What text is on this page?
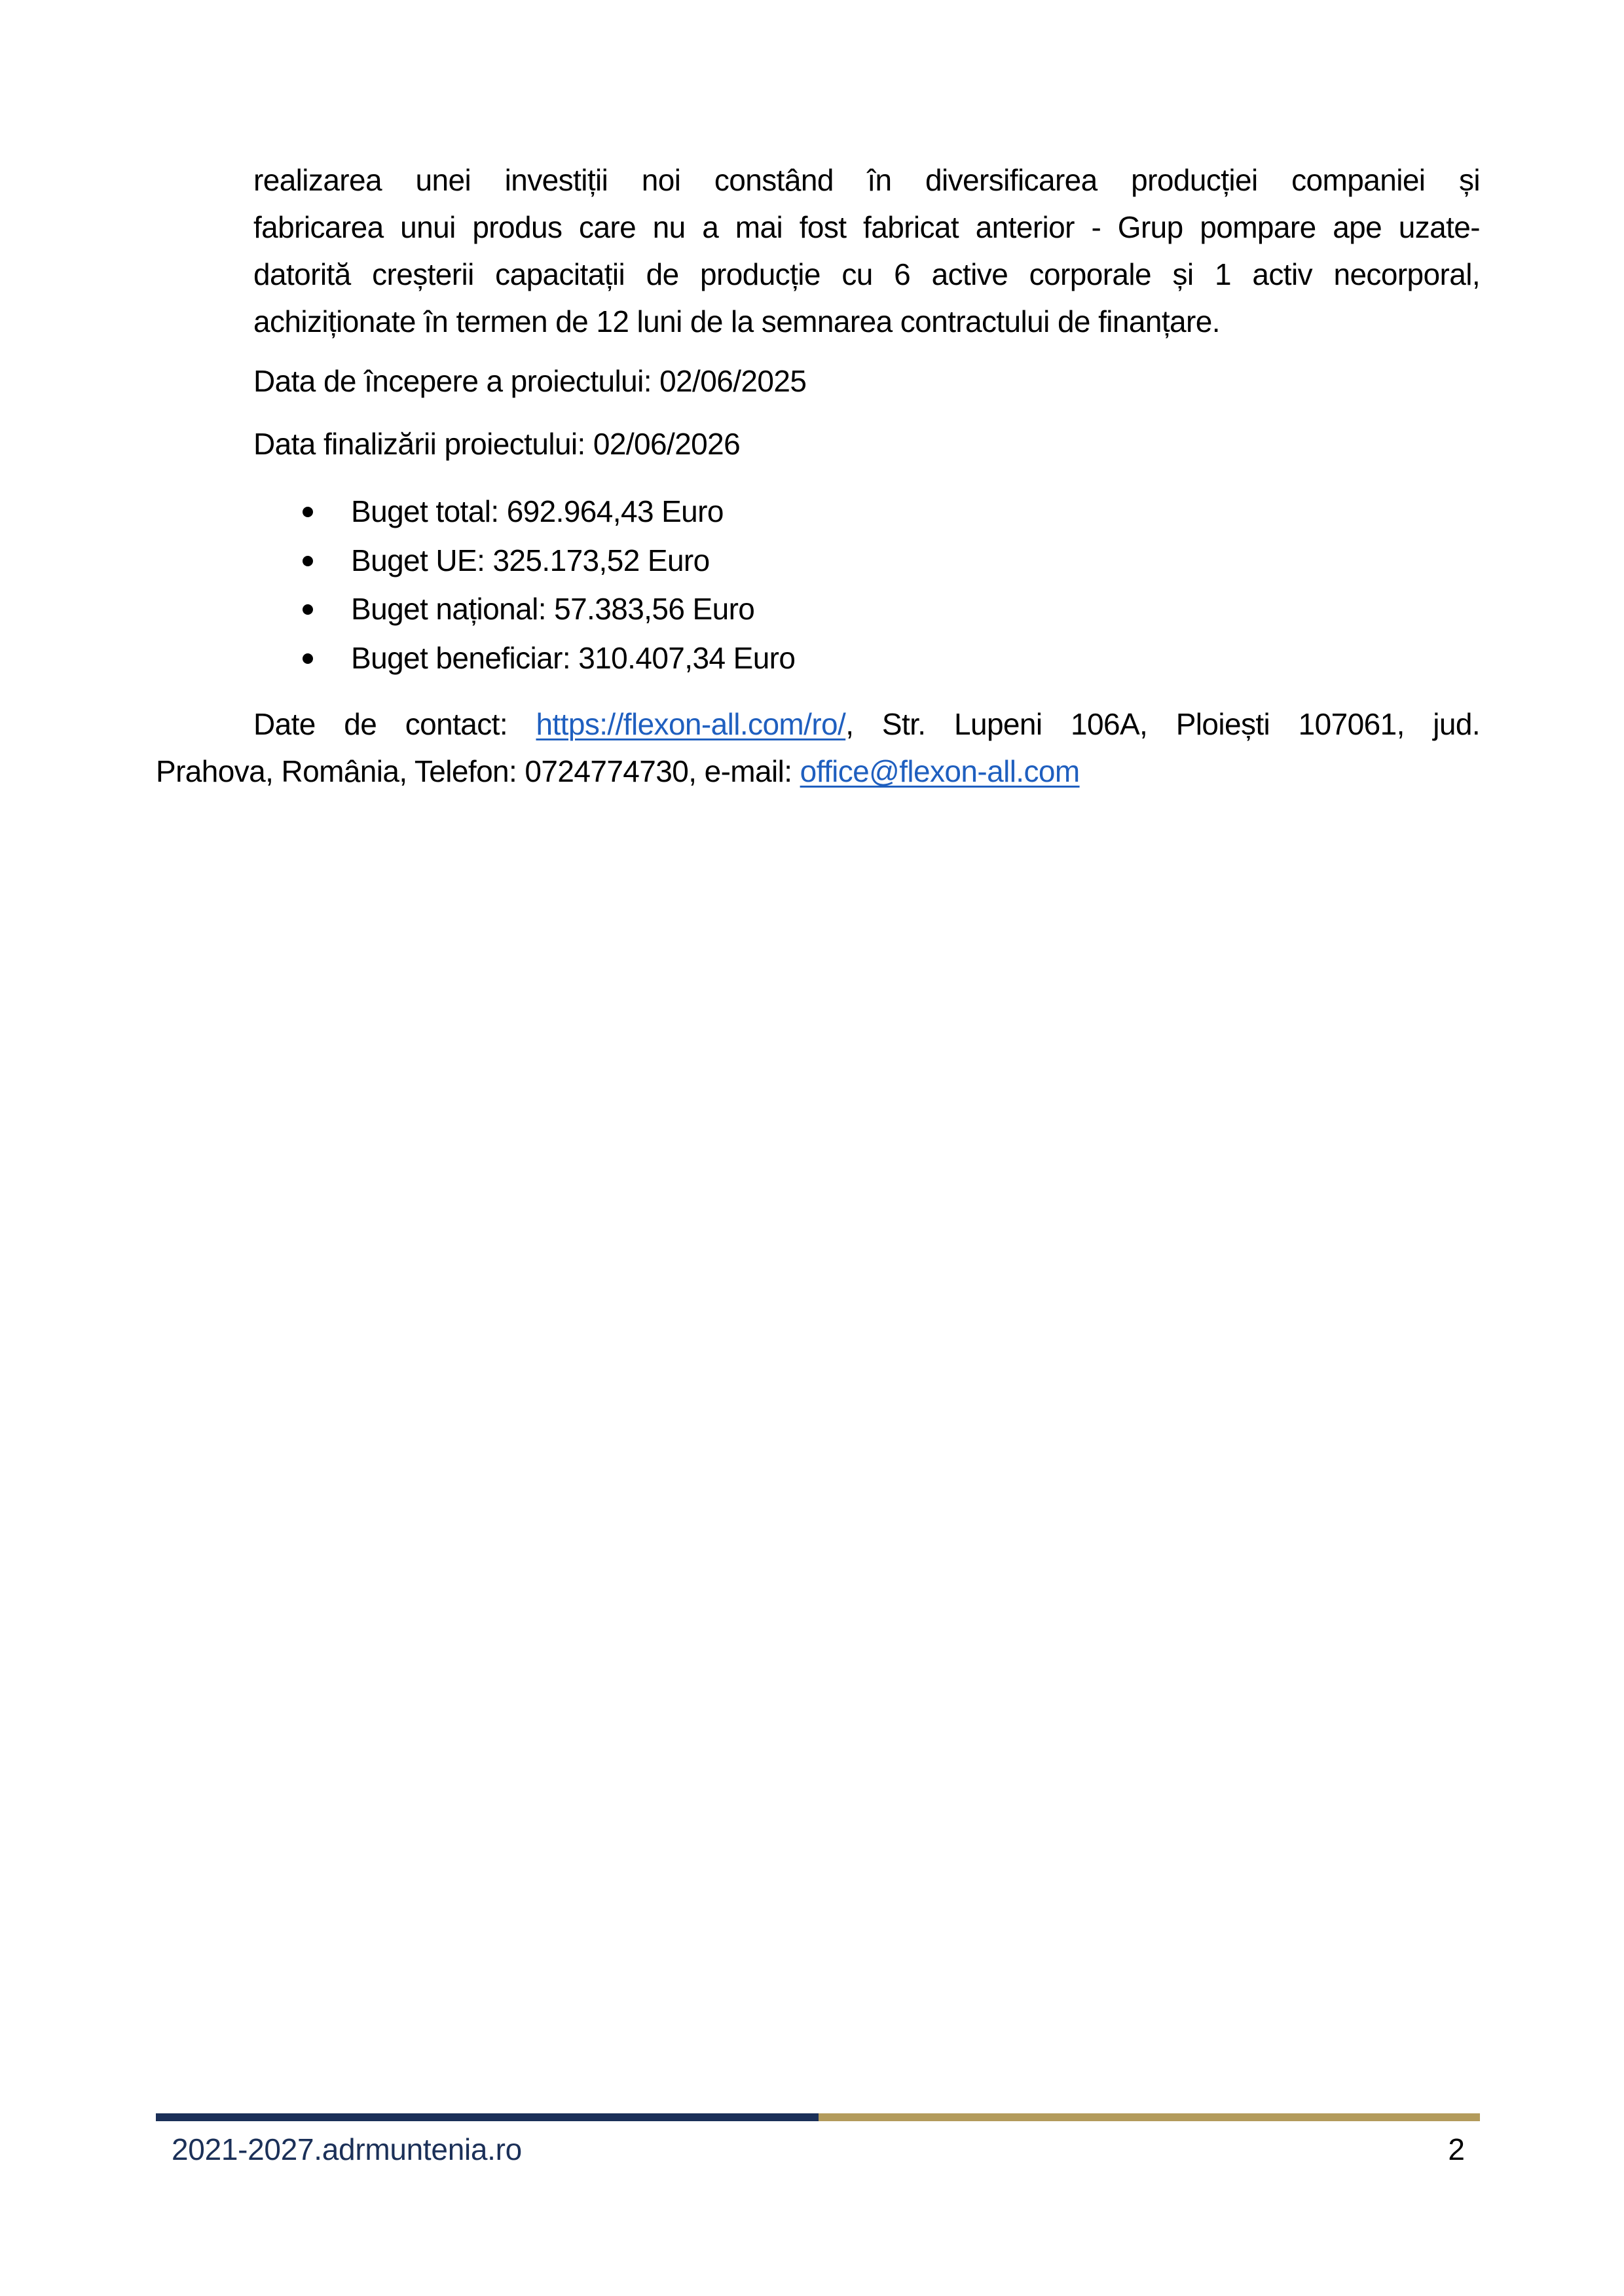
realizarea unei investiții noi constând în diversificarea producției companiei și
fabricarea unui produs care nu a mai fost fabricat anterior - Grup pompare ape uzate-
datorită creșterii capacitații de producție cu 6 active corporale și 1 activ necorporal,
achiziționate în termen de 12 luni de la semnarea contractului de finanțare.
Data de începere a proiectului: 02/06/2025
Data finalizării proiectului: 02/06/2026
Buget total: 692.964,43 Euro
Buget UE: 325.173,52 Euro
Buget național: 57.383,56 Euro
Buget beneficiar: 310.407,34 Euro
Date de contact: https://flexon-all.com/ro/, Str. Lupeni 106A, Ploiești 107061, jud.
Prahova, România, Telefon: 0724774730, e-mail: office@flexon-all.com
2021-2027.adrmuntenia.ro	2
